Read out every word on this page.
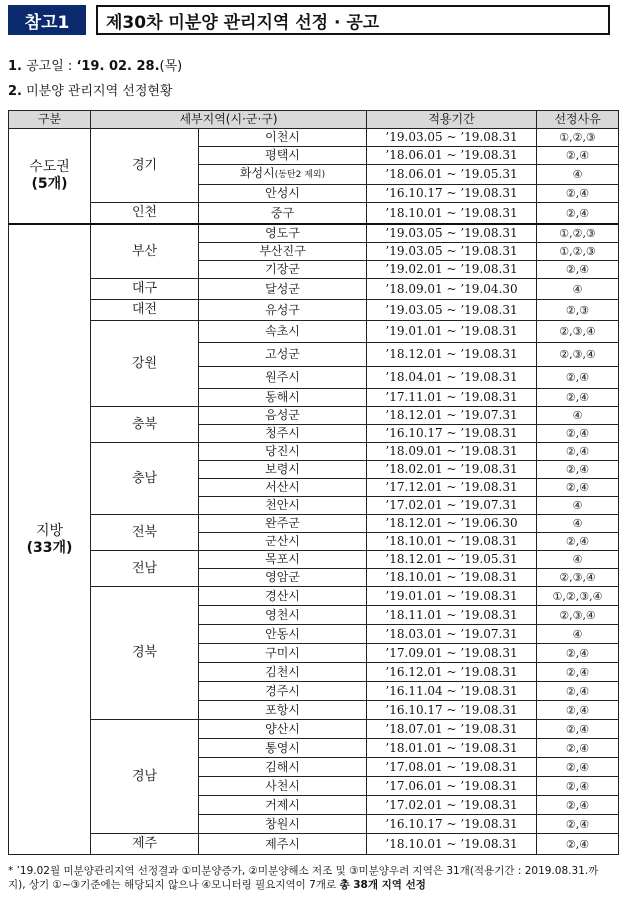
참고1	제30차 미분양 관리지역 선정 · 공고
1. 공고일 : ‘19. 02. 28.(목)
2. 미분양 관리지역 선정현황
구분	세부지역(시·군·구)		적용기간	선정사유

수도권
(5개)	경기	이천시	’19.03.05 ~ ’19.08.31	①,②,③
		평택시	’18.06.01 ~ ’19.08.31	②,④
		화성시(동탄2 제외)	’18.06.01 ~ ’19.05.31	④
		안성시	’16.10.17 ~ ’19.08.31	②,④
	인천	중구	’18.10.01 ~ ’19.08.31	②,④

지방
(33개)	부산	영도구	’19.03.05 ~ ’19.08.31	①,②,③
		부산진구	’19.03.05 ~ ’19.08.31	①,②,③
		기장군	’19.02.01 ~ ’19.08.31	②,④
	대구	달성군	’18.09.01 ~ ’19.04.30	④
	대전	유성구	’19.03.05 ~ ’19.08.31	②,③
	강원	속초시	’19.01.01 ~ ’19.08.31	②,③,④
		고성군	’18.12.01 ~ ’19.08.31	②,③,④
		원주시	’18.04.01 ~ ’19.08.31	②,④
		동해시	’17.11.01 ~ ’19.08.31	②,④
	충북	음성군	’18.12.01 ~ ’19.07.31	④
		청주시	’16.10.17 ~ ’19.08.31	②,④
	충남	당진시	’18.09.01 ~ ’19.08.31	②,④
		보령시	’18.02.01 ~ ’19.08.31	②,④
		서산시	’17.12.01 ~ ’19.08.31	②,④
		천안시	’17.02.01 ~ ’19.07.31	④
	전북	완주군	’18.12.01 ~ ’19.06.30	④
		군산시	’18.10.01 ~ ’19.08.31	②,④
	전남	목포시	’18.12.01 ~ ’19.05.31	④
		영암군	’18.10.01 ~ ’19.08.31	②,③,④
	경북	경산시	’19.01.01 ~ ’19.08.31	①,②,③,④
		영천시	’18.11.01 ~ ’19.08.31	②,③,④
		안동시	’18.03.01 ~ ’19.07.31	④
		구미시	’17.09.01 ~ ’19.08.31	②,④
		김천시	’16.12.01 ~ ’19.08.31	②,④
		경주시	’16.11.04 ~ ’19.08.31	②,④
		포항시	’16.10.17 ~ ’19.08.31	②,④
	경남	양산시	’18.07.01 ~ ’19.08.31	②,④
		통영시	’18.01.01 ~ ’19.08.31	②,④
		김해시	’17.08.01 ~ ’19.08.31	②,④
		사천시	’17.06.01 ~ ’19.08.31	②,④
		거제시	’17.02.01 ~ ’19.08.31	②,④
		창원시	’16.10.17 ~ ’19.08.31	②,④
	제주	제주시	’18.10.01 ~ ’19.08.31	②,④
* ’19.02월 미분양관리지역 선정결과 ①미분양증가, ②미분양해소 저조 및 ③미분양우려 지역은 31개(적용기간 : 2019.08.31.까지), 상기 ①~③기준에는 해당되지 않으나 ④모니터링 필요지역이 7개로 총 38개 지역 선정
